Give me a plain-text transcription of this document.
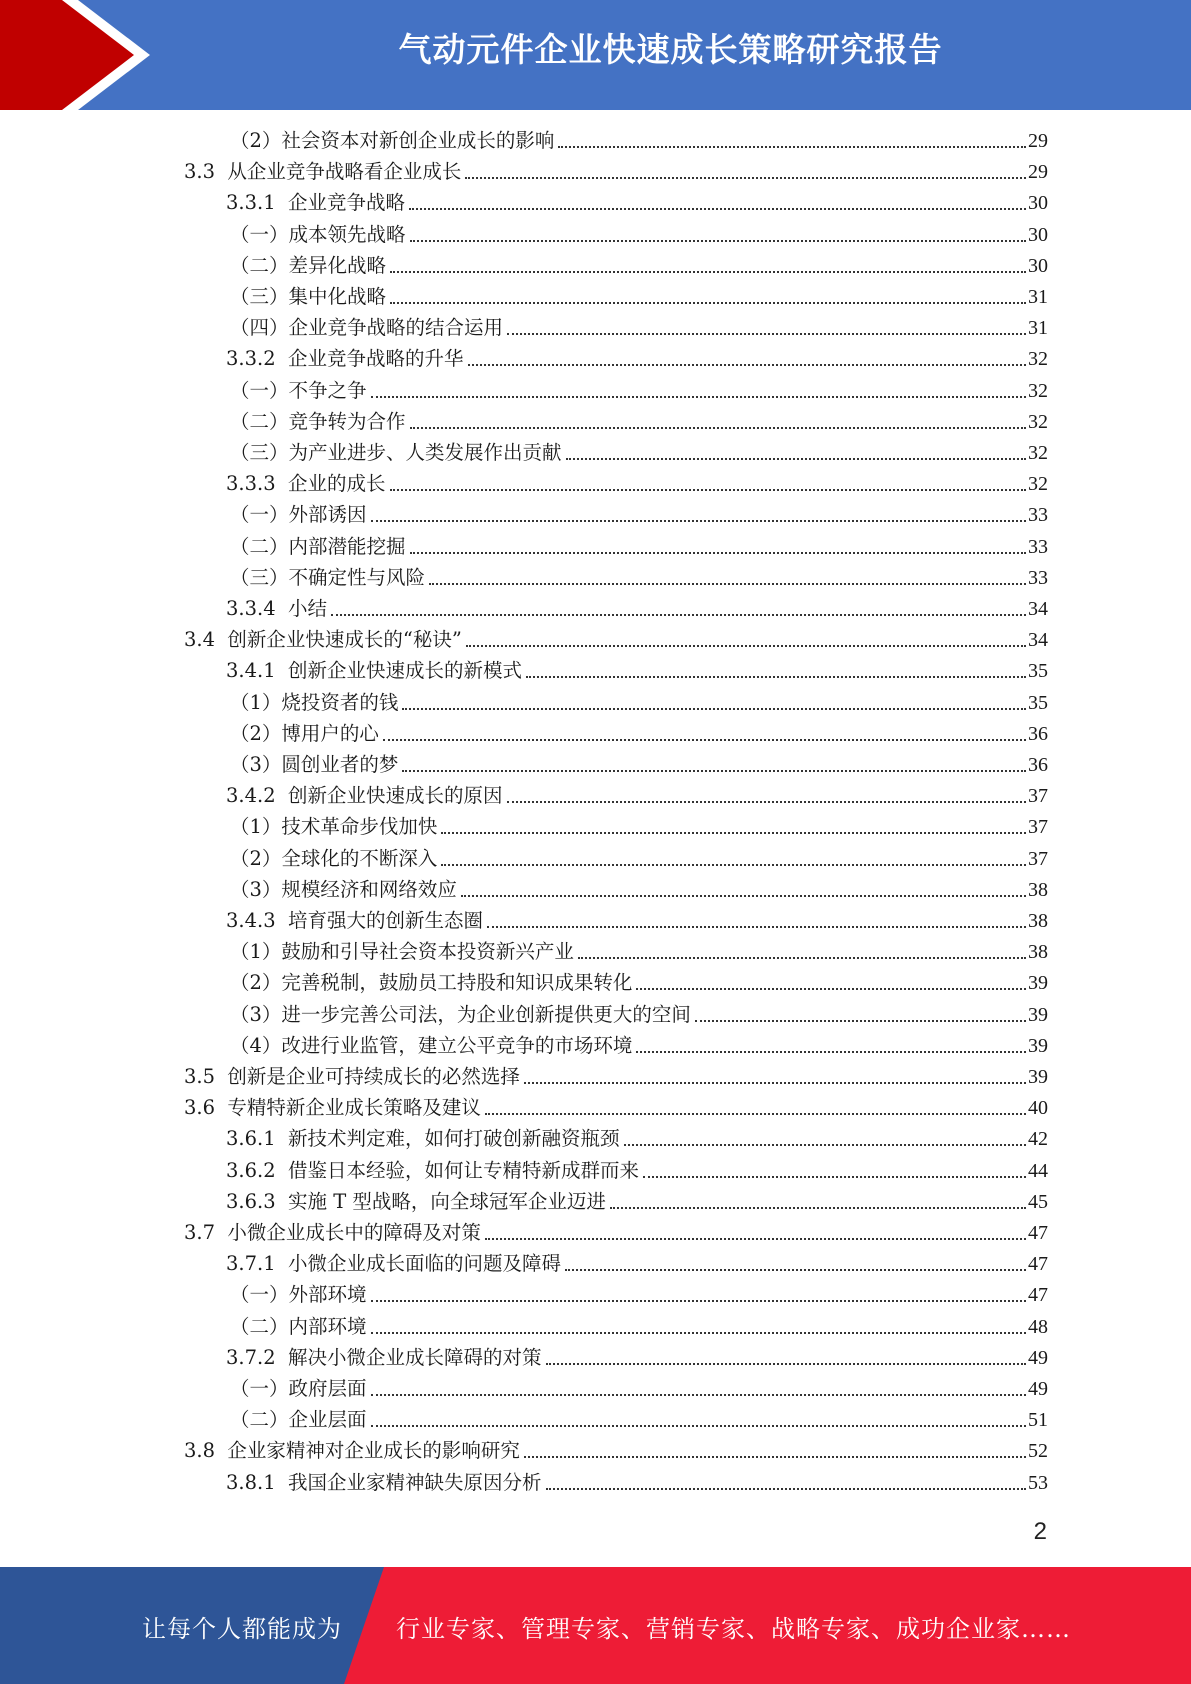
气动元件企业快速成长策略研究报告
（2） 社会资本对新创企业成长的影响	29
3.3 从企业竞争战略看企业成长	29
3.3.1 企业竞争战略	30
（一） 成本领先战略	30
（二） 差异化战略	30
（三） 集中化战略	31
（四） 企业竞争战略的结合运用	31
3.3.2 企业竞争战略的升华	32
（一） 不争之争	32
（二） 竞争转为合作	32
（三） 为产业进步、人类发展作出贡献	32
3.3.3 企业的成长	32
（一） 外部诱因	33
（二） 内部潜能挖掘	33
（三） 不确定性与风险	33
3.3.4 小结	34
3.4 创新企业快速成长的“秘诀”	34
3.4.1 创新企业快速成长的新模式	35
（1） 烧投资者的钱	35
（2） 博用户的心	36
（3） 圆创业者的梦	36
3.4.2 创新企业快速成长的原因	37
（1） 技术革命步伐加快	37
（2） 全球化的不断深入	37
（3） 规模经济和网络效应	38
3.4.3 培育强大的创新生态圈	38
（1） 鼓励和引导社会资本投资新兴产业	38
（2） 完善税制，鼓励员工持股和知识成果转化	39
（3） 进一步完善公司法，为企业创新提供更大的空间	39
（4） 改进行业监管，建立公平竞争的市场环境	39
3.5 创新是企业可持续成长的必然选择	39
3.6 专精特新企业成长策略及建议	40
3.6.1 新技术判定难，如何打破创新融资瓶颈	42
3.6.2 借鉴日本经验，如何让专精特新成群而来	44
3.6.3 实施 T 型战略，向全球冠军企业迈进	45
3.7 小微企业成长中的障碍及对策	47
3.7.1 小微企业成长面临的问题及障碍	47
（一） 外部环境	47
（二） 内部环境	48
3.7.2 解决小微企业成长障碍的对策	49
（一） 政府层面	49
（二） 企业层面	51
3.8 企业家精神对企业成长的影响研究	52
3.8.1 我国企业家精神缺失原因分析	53
2
让每个人都能成为 行业专家、管理专家、营销专家、战略专家、成功企业家……
